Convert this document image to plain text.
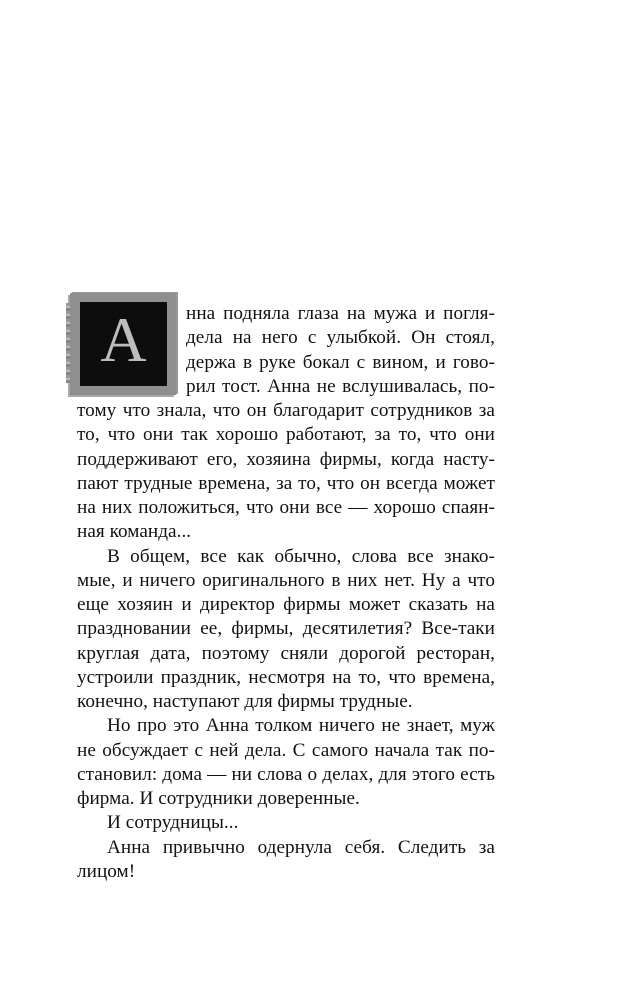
А	нна подняла глаза на мужа и погля-
дела на него с улыбкой. Он стоял,
держа в руке бокал с вином, и гово-
рил тост. Анна не вслушивалась, по-
тому что знала, что он благодарит сотрудников за
то, что они так хорошо работают, за то, что они
поддерживают его, хозяина фирмы, когда насту-
пают трудные времена, за то, что он всегда может
на них положиться, что они все — хорошо спаян-
ная команда...
В общем, все как обычно, слова все знако-
мые, и ничего оригинального в них нет. Ну а что
еще хозяин и директор фирмы может сказать на
праздновании ее, фирмы, десятилетия? Все-таки
круглая дата, поэтому сняли дорогой ресторан,
устроили праздник, несмотря на то, что времена,
конечно, наступают для фирмы трудные.
Но про это Анна толком ничего не знает, муж
не обсуждает с ней дела. С самого начала так по-
становил: дома — ни слова о делах, для этого есть
фирма. И сотрудники доверенные.
И сотрудницы...
Анна привычно одернула себя. Следить за
лицом!
